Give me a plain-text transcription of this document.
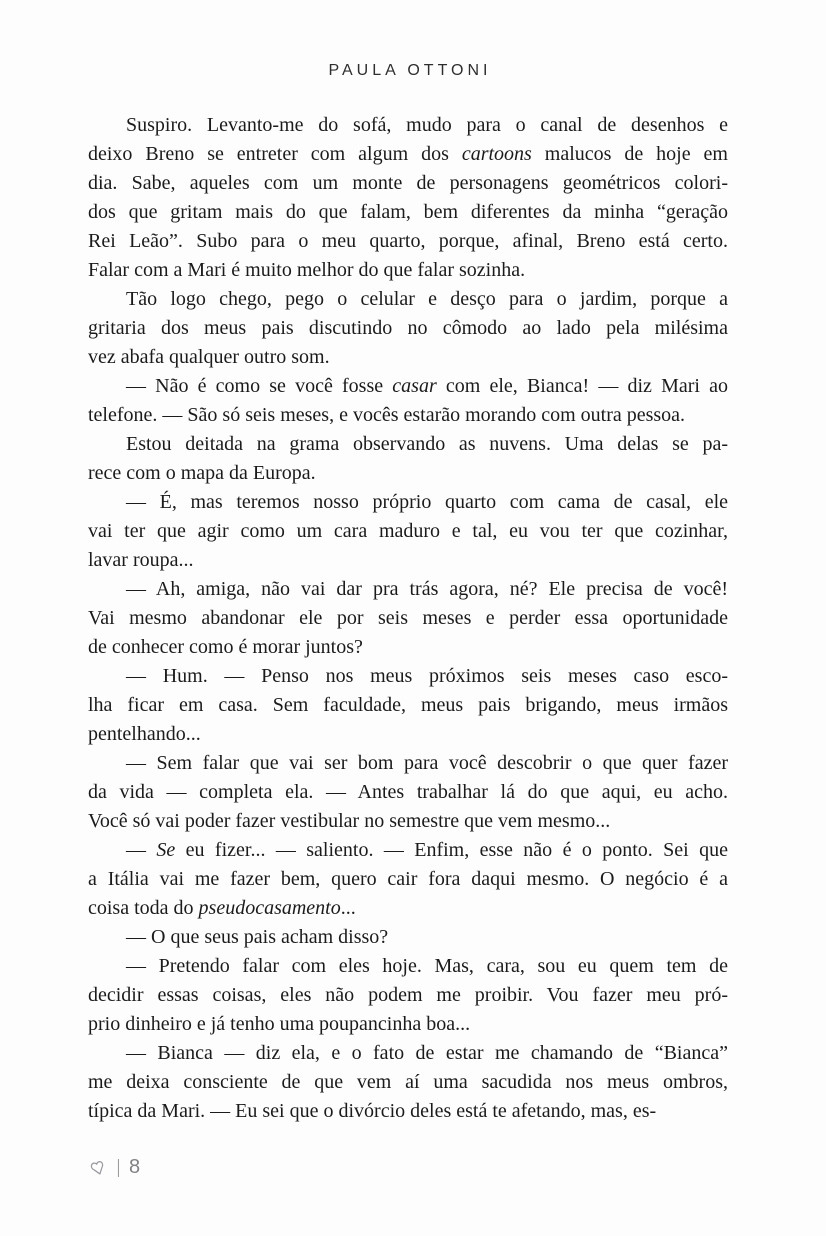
PAULA OTTONI
Suspiro. Levanto-me do sofá, mudo para o canal de desenhos e
deixo Breno se entreter com algum dos cartoons malucos de hoje em
dia. Sabe, aqueles com um monte de personagens geométricos colori-
dos que gritam mais do que falam, bem diferentes da minha “geração
Rei Leão”. Subo para o meu quarto, porque, afinal, Breno está certo.
Falar com a Mari é muito melhor do que falar sozinha.
Tão logo chego, pego o celular e desço para o jardim, porque a
gritaria dos meus pais discutindo no cômodo ao lado pela milésima
vez abafa qualquer outro som.
— Não é como se você fosse casar com ele, Bianca! — diz Mari ao
telefone. — São só seis meses, e vocês estarão morando com outra pessoa.
Estou deitada na grama observando as nuvens. Uma delas se pa-
rece com o mapa da Europa.
— É, mas teremos nosso próprio quarto com cama de casal, ele
vai ter que agir como um cara maduro e tal, eu vou ter que cozinhar,
lavar roupa...
— Ah, amiga, não vai dar pra trás agora, né? Ele precisa de você!
Vai mesmo abandonar ele por seis meses e perder essa oportunidade
de conhecer como é morar juntos?
— Hum. — Penso nos meus próximos seis meses caso esco-
lha ficar em casa. Sem faculdade, meus pais brigando, meus irmãos
pentelhando...
— Sem falar que vai ser bom para você descobrir o que quer fazer
da vida — completa ela. — Antes trabalhar lá do que aqui, eu acho.
Você só vai poder fazer vestibular no semestre que vem mesmo...
— Se eu fizer... — saliento. — Enfim, esse não é o ponto. Sei que
a Itália vai me fazer bem, quero cair fora daqui mesmo. O negócio é a
coisa toda do pseudocasamento...
— O que seus pais acham disso?
— Pretendo falar com eles hoje. Mas, cara, sou eu quem tem de
decidir essas coisas, eles não podem me proibir. Vou fazer meu pró-
prio dinheiro e já tenho uma poupancinha boa...
— Bianca — diz ela, e o fato de estar me chamando de “Bianca”
me deixa consciente de que vem aí uma sacudida nos meus ombros,
típica da Mari. — Eu sei que o divórcio deles está te afetando, mas, es-
| 8
